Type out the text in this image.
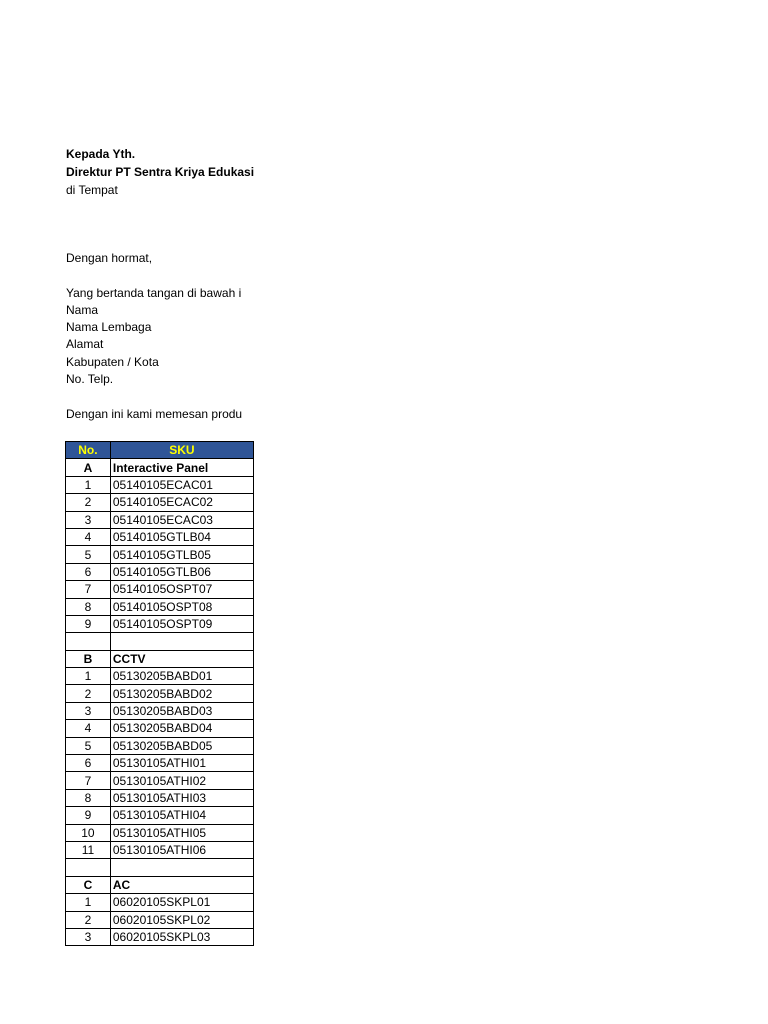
Kepada Yth.
Direktur PT Sentra Kriya Edukasi
di Tempat
Dengan hormat,
Yang bertanda tangan di bawah i
Nama
Nama Lembaga
Alamat
Kabupaten / Kota
No. Telp.
Dengan ini kami memesan produ
No.	SKU
A	Interactive Panel
1	05140105ECAC01
2	05140105ECAC02
3	05140105ECAC03
4	05140105GTLB04
5	05140105GTLB05
6	05140105GTLB06
7	05140105OSPT07
8	05140105OSPT08
9	05140105OSPT09

B	CCTV
1	05130205BABD01
2	05130205BABD02
3	05130205BABD03
4	05130205BABD04
5	05130205BABD05
6	05130105ATHI01
7	05130105ATHI02
8	05130105ATHI03
9	05130105ATHI04
10	05130105ATHI05
11	05130105ATHI06

C	AC
1	06020105SKPL01
2	06020105SKPL02
3	06020105SKPL03
